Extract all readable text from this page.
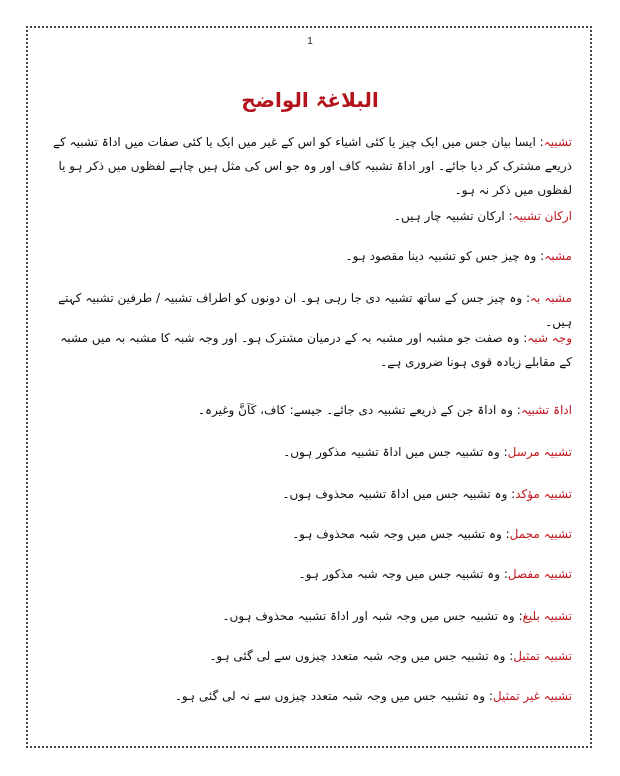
1
البلاغۃ الواضح

تشبیہ: ایسا بیان جس میں ایک چیز یا کئی اشیاء کو اس کے غیر میں ایک یا کئی صفات میں اداۃ تشبیہ کے ذریعے مشترک کر دیا جائے۔ اور اداۃ تشبیہ کاف اور وہ جو اس کی مثل ہیں چاہے لفظوں میں ذکر ہو یا لفظوں میں ذکر نہ ہو۔

ارکان تشبیہ: ارکان تشبیہ چار ہیں۔

مشبہ: وہ چیز جس کو تشبیہ دینا مقصود ہو۔

مشبہ بہ: وہ چیز جس کے ساتھ تشبیہ دی جا رہی ہو۔ ان دونوں کو اطراف تشبیہ / طرفین تشبیہ کہتے ہیں۔

وجہ شبہ: وہ صفت جو مشبہ اور مشبہ بہ کے درمیان مشترک ہو۔ اور وجہ شبہ کا مشبہ بہ میں مشبہ کے مقابلے زیادہ قوی ہونا ضروری ہے۔

اداۃ تشبیہ: وہ اداۃ جن کے ذریعے تشبیہ دی جائے۔ جیسے: کاف، کَاَنَّ وغیرہ۔

تشبیہ مرسل: وہ تشبیہ جس میں اداۃ تشبیہ مذکور ہوں۔

تشبیہ مؤکد: وہ تشبیہ جس میں اداۃ تشبیہ محذوف ہوں۔

تشبیہ مجمل: وہ تشبیہ جس میں وجہ شبہ محذوف ہو۔

تشبیہ مفصل: وہ تشبیہ جس میں وجہ شبہ مذکور ہو۔

تشبیہ بلیغ: وہ تشبیہ جس میں وجہ شبہ اور اداۃ تشبیہ محذوف ہوں۔

تشبیہ تمثیل: وہ تشبیہ جس میں وجہ شبہ متعدد چیزوں سے لی گئی ہو۔

تشبیہ غیر تمثیل: وہ تشبیہ جس میں وجہ شبہ متعدد چیزوں سے نہ لی گئی ہو۔
